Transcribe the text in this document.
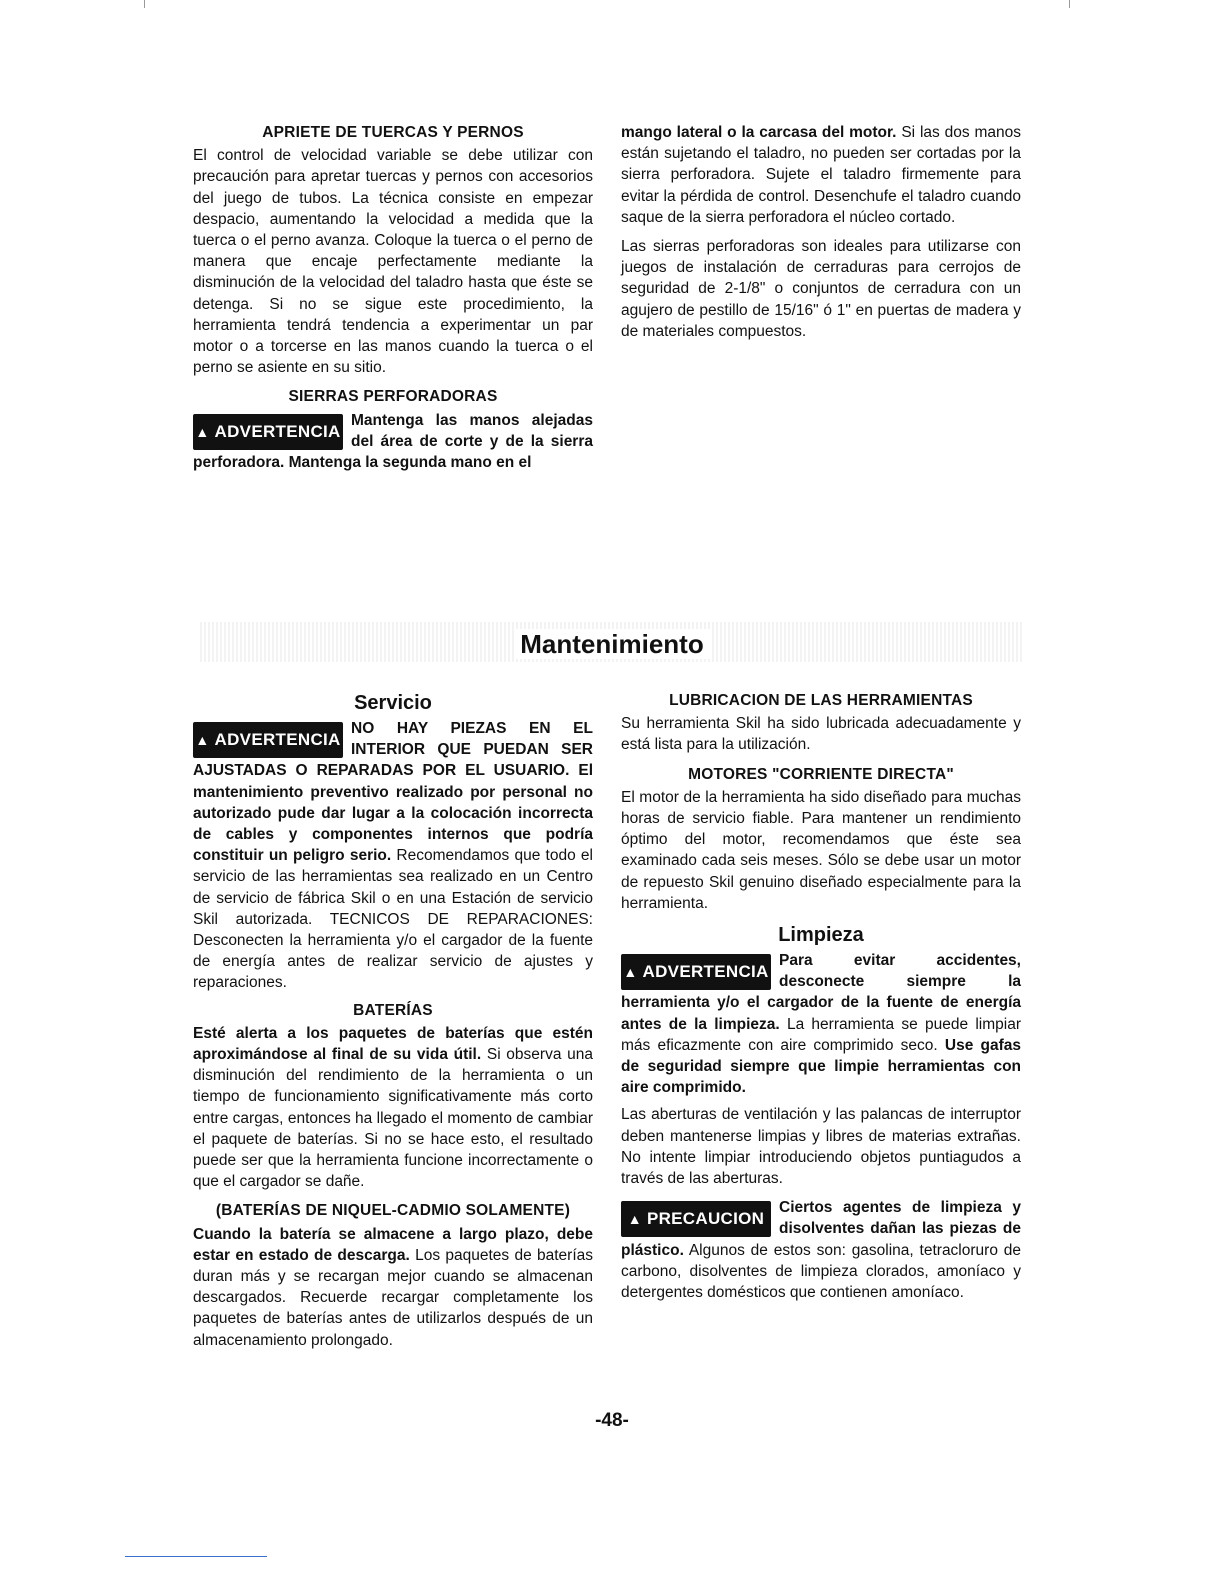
APRIETE DE TUERCAS Y PERNOS

El control de velocidad variable se debe utilizar con precaución para apretar tuercas y pernos con accesorios del juego de tubos. La técnica consiste en empezar despacio, aumentando la velocidad a medida que la tuerca o el perno avanza. Coloque la tuerca o el perno de manera que encaje perfectamente mediante la disminución de la velocidad del taladro hasta que éste se detenga. Si no se sigue este procedimiento, la herramienta tendrá tendencia a experimentar un par motor o a torcerse en las manos cuando la tuerca o el perno se asiente en su sitio.

SIERRAS PERFORADORAS
▲ ADVERTENCIA
Mantenga las manos alejadas del área de corte y de la sierra perforadora. Mantenga la segunda mano en el

mango lateral o la carcasa del motor. Si las dos manos están sujetando el taladro, no pueden ser cortadas por la sierra perforadora. Sujete el taladro firmemente para evitar la pérdida de control. Desenchufe el taladro cuando saque de la sierra perforadora el núcleo cortado.

Las sierras perforadoras son ideales para utilizarse con juegos de instalación de cerraduras para cerrojos de seguridad de 2-1/8" o conjuntos de cerradura con un agujero de pestillo de 15/16" ó 1" en puertas de madera y de materiales compuestos.

Mantenimiento
Servicio
▲ ADVERTENCIA
NO HAY PIEZAS EN EL INTERIOR QUE PUEDAN SER AJUSTADAS O REPARADAS POR EL USUARIO. El mantenimiento preventivo realizado por personal no autorizado pude dar lugar a la colocación incorrecta de cables y componentes internos que podría constituir un peligro serio. Recomendamos que todo el servicio de las herramientas sea realizado en un Centro de servicio de fábrica Skil o en una Estación de servicio Skil autorizada. TECNICOS DE REPARACIONES: Desconecten la herramienta y/o el cargador de la fuente de energía antes de realizar servicio de ajustes y reparaciones.
BATERÍAS

Esté alerta a los paquetes de baterías que estén aproximándose al final de su vida útil. Si observa una disminución del rendimiento de la herramienta o un tiempo de funcionamiento significativamente más corto entre cargas, entonces ha llegado el momento de cambiar el paquete de baterías. Si no se hace esto, el resultado puede ser que la herramienta funcione incorrectamente o que el cargador se dañe.

(BATERÍAS DE NIQUEL-CADMIO SOLAMENTE)

Cuando la batería se almacene a largo plazo, debe estar en estado de descarga. Los paquetes de baterías duran más y se recargan mejor cuando se almacenan descargados. Recuerde recargar completamente los paquetes de baterías antes de utilizarlos después de un almacenamiento prolongado.

LUBRICACION DE LAS HERRAMIENTAS

Su herramienta Skil ha sido lubricada adecuadamente y está lista para la utilización.

MOTORES "CORRIENTE DIRECTA"

El motor de la herramienta ha sido diseñado para muchas horas de servicio fiable. Para mantener un rendimiento óptimo del motor, recomendamos que éste sea examinado cada seis meses. Sólo se debe usar un motor de repuesto Skil genuino diseñado especialmente para la herramienta.

Limpieza
▲ ADVERTENCIA
Para evitar accidentes, desconecte siempre la herramienta y/o el cargador de la fuente de energía antes de la limpieza. La herramienta se puede limpiar más eficazmente con aire comprimido seco. Use gafas de seguridad siempre que limpie herramientas con aire comprimido.

Las aberturas de ventilación y las palancas de interruptor deben mantenerse limpias y libres de materias extrañas. No intente limpiar introduciendo objetos puntiagudos a través de las aberturas.

▲ PRECAUCION
Ciertos agentes de limpieza y disolventes dañan las piezas de plástico. Algunos de estos son: gasolina, tetracloruro de carbono, disolventes de limpieza clorados, amoníaco y detergentes domésticos que contienen amoníaco.
-48-
